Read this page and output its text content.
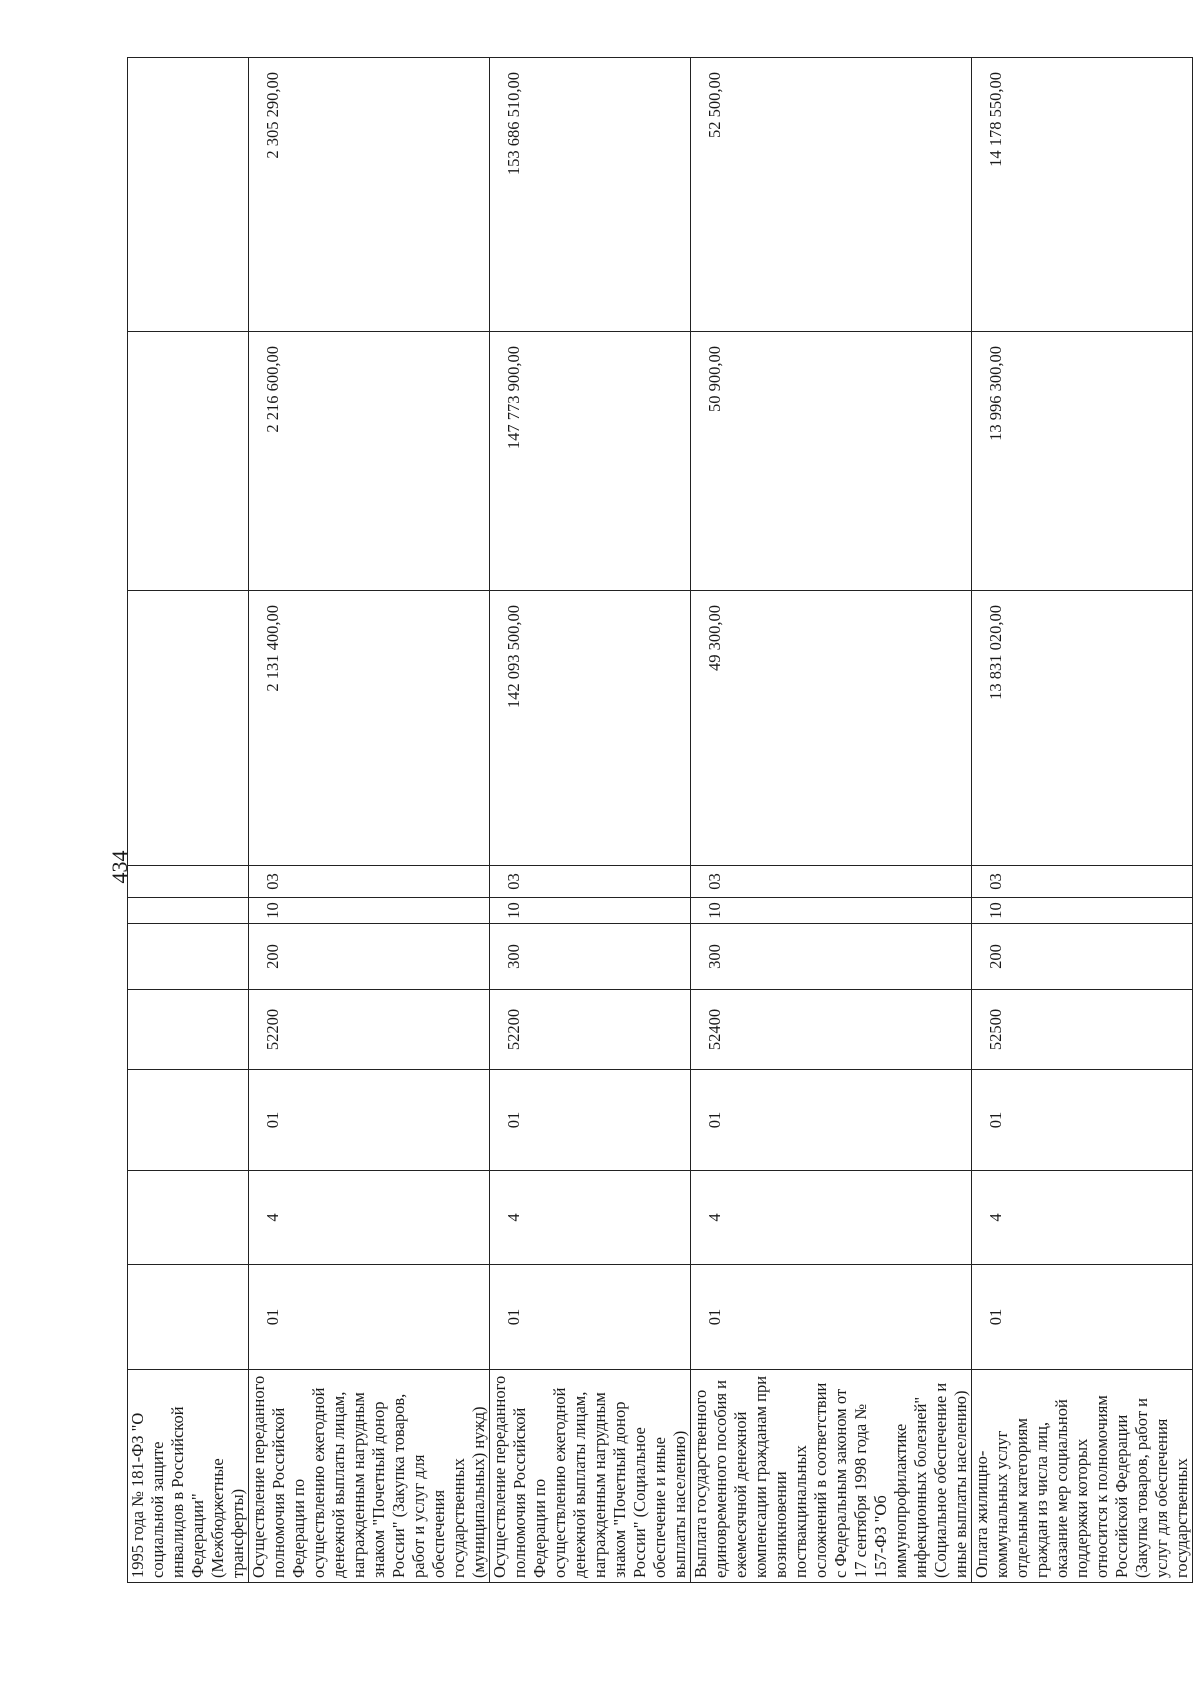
434
1995 года № 181-ФЗ "О социальной защите инвалидов в Российской Федерации" (Межбюджетные трансферты)										
Осуществление переданного полномочия Российской Федерации по осуществлению ежегодной денежной выплаты лицам, награжденным нагрудным знаком "Почетный донор России" (Закупка товаров, работ и услуг для обеспечения государственных (муниципальных) нужд)	01	4	01	52200	200	10	03	2 131 400,00	2 216 600,00	2 305 290,00
Осуществление переданного полномочия Российской Федерации по осуществлению ежегодной денежной выплаты лицам, награжденным нагрудным знаком "Почетный донор России" (Социальное обеспечение и иные выплаты населению)	01	4	01	52200	300	10	03	142 093 500,00	147 773 900,00	153 686 510,00
Выплата государственного единовременного пособия и ежемесячной денежной компенсации гражданам при возникновении поствакцинальных осложнений в соответствии с Федеральным законом от 17 сентября 1998 года № 157-ФЗ "Об иммунопрофилактике инфекционных болезней" (Социальное обеспечение и иные выплаты населению)	01	4	01	52400	300	10	03	49 300,00	50 900,00	52 500,00
Оплата жилищно-коммунальных услуг отдельным категориям граждан из числа лиц, оказание мер социальной поддержки которых относится к полномочиям Российской Федерации (Закупка товаров, работ и услуг для обеспечения государственных	01	4	01	52500	200	10	03	13 831 020,00	13 996 300,00	14 178 550,00
